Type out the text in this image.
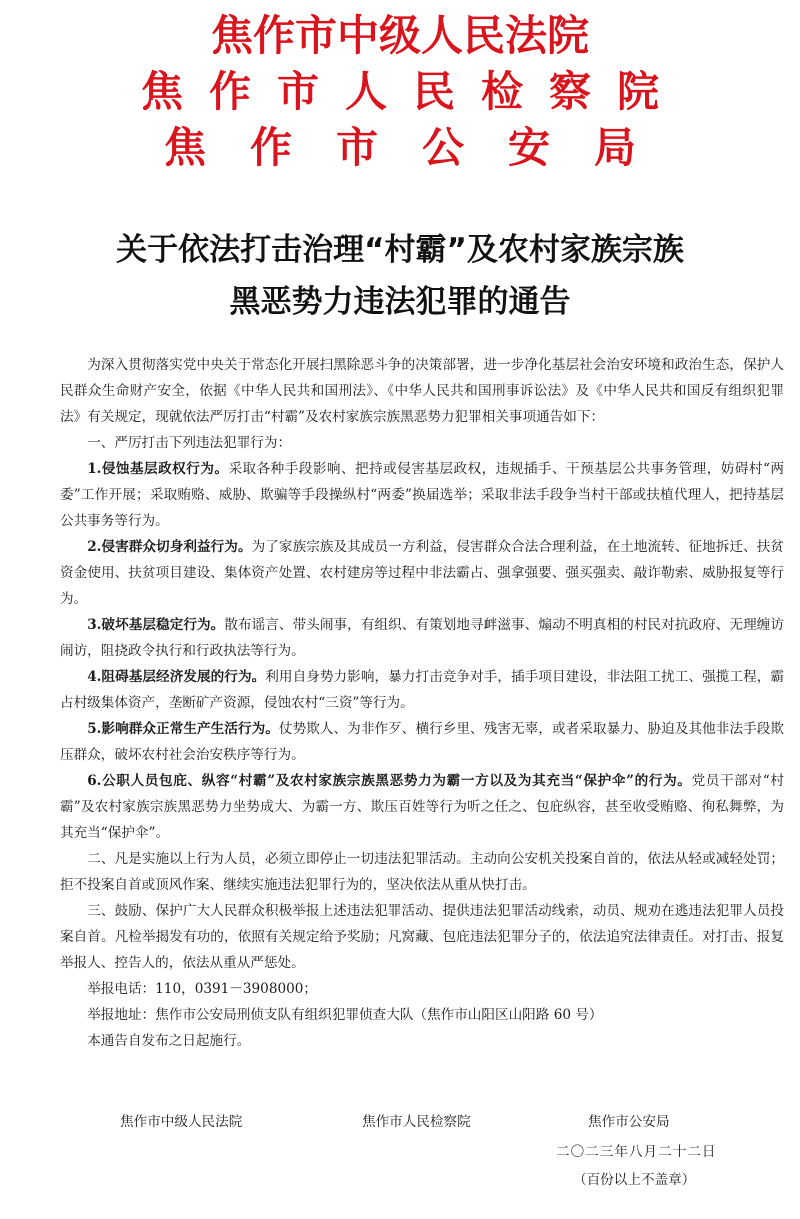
焦作市中级人民法院
焦作市人民检察院
焦作市公安局
关于依法打击治理“村霸”及农村家族宗族
黑恶势力违法犯罪的通告

为深入贯彻落实党中央关于常态化开展扫黑除恶斗争的决策部署，进一步净化基层社会治安环境和政治生态，保护人民群众生命财产安全，依据《中华人民共和国刑法》、《中华人民共和国刑事诉讼法》及《中华人民共和国反有组织犯罪法》有关规定，现就依法严厉打击“村霸”及农村家族宗族黑恶势力犯罪相关事项通告如下：

一、严厉打击下列违法犯罪行为：

1.侵蚀基层政权行为。采取各种手段影响、把持或侵害基层政权，违规插手、干预基层公共事务管理，妨碍村“两委”工作开展；采取贿赂、威胁、欺骗等手段操纵村“两委”换届选举；采取非法手段争当村干部或扶植代理人，把持基层公共事务等行为。

2.侵害群众切身利益行为。为了家族宗族及其成员一方利益，侵害群众合法合理利益，在土地流转、征地拆迁、扶贫资金使用、扶贫项目建设、集体资产处置、农村建房等过程中非法霸占、强拿强要、强买强卖、敲诈勒索、威胁报复等行为。

3.破坏基层稳定行为。散布谣言、带头闹事，有组织、有策划地寻衅滋事、煽动不明真相的村民对抗政府、无理缠访闹访，阻挠政令执行和行政执法等行为。

4.阻碍基层经济发展的行为。利用自身势力影响，暴力打击竞争对手，插手项目建设，非法阻工扰工、强揽工程，霸占村级集体资产，垄断矿产资源，侵蚀农村“三资”等行为。

5.影响群众正常生产生活行为。仗势欺人、为非作歹、横行乡里、残害无辜，或者采取暴力、胁迫及其他非法手段欺压群众，破坏农村社会治安秩序等行为。

6.公职人员包庇、纵容“村霸”及农村家族宗族黑恶势力为霸一方以及为其充当“保护伞”的行为。党员干部对“村霸”及农村家族宗族黑恶势力坐势成大、为霸一方、欺压百姓等行为听之任之、包庇纵容，甚至收受贿赂、徇私舞弊，为其充当“保护伞”。

二、凡是实施以上行为人员，必须立即停止一切违法犯罪活动。主动向公安机关投案自首的，依法从轻或减轻处罚；拒不投案自首或顶风作案、继续实施违法犯罪行为的，坚决依法从重从快打击。

三、鼓励、保护广大人民群众积极举报上述违法犯罪活动、提供违法犯罪活动线索，动员、规劝在逃违法犯罪人员投案自首。凡检举揭发有功的，依照有关规定给予奖励；凡窝藏、包庇违法犯罪分子的，依法追究法律责任。对打击、报复举报人、控告人的，依法从重从严惩处。

举报电话：110，0391－3908000；

举报地址：焦作市公安局刑侦支队有组织犯罪侦查大队（焦作市山阳区山阳路 60 号）

本通告自发布之日起施行。

焦作市中级人民法院	焦作市人民检察院	焦作市公安局
二〇二三年八月二十二日
（百份以上不盖章）
